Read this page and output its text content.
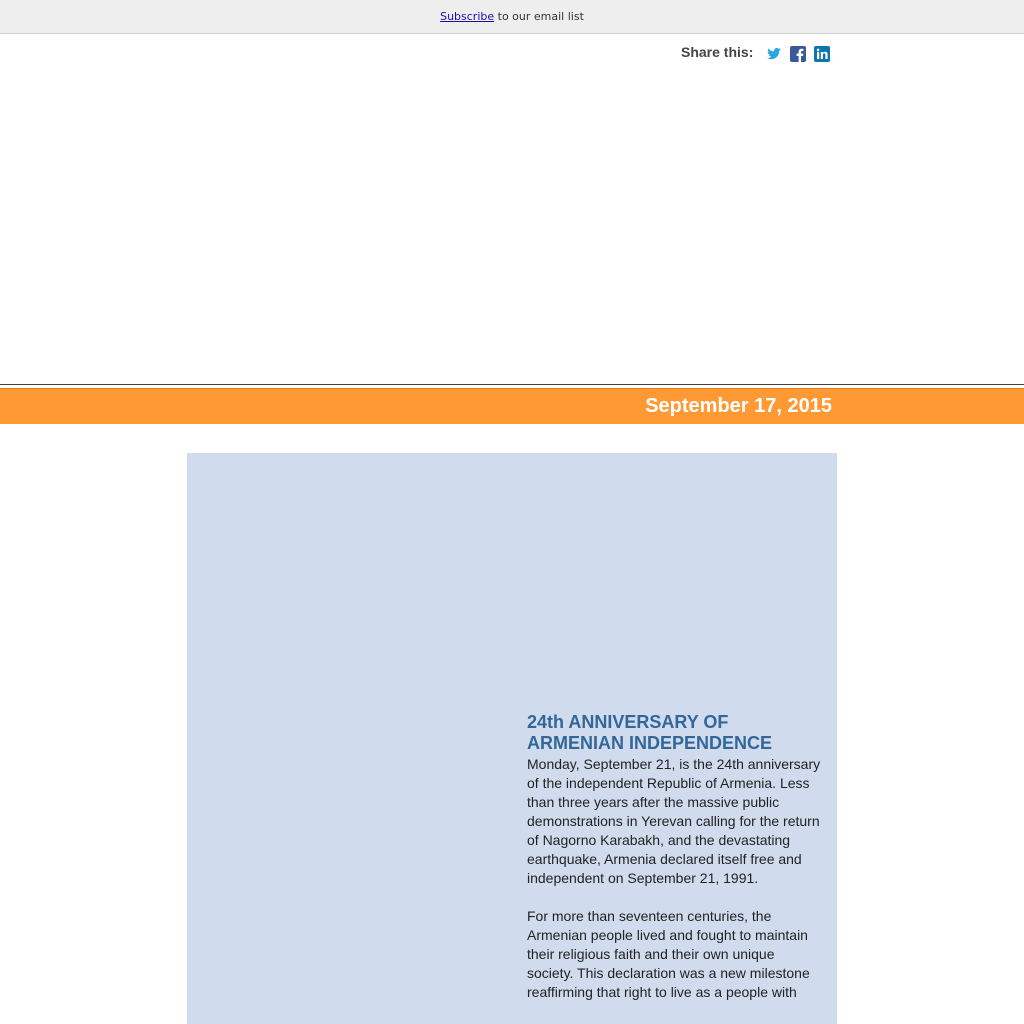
Subscribe to our email list
Share this:
September 17, 2015
24th ANNIVERSARY OF
ARMENIAN INDEPENDENCE

Monday, September 21, is the 24th anniversary of the independent Republic of Armenia. Less than three years after the massive public demonstrations in Yerevan calling for the return of Nagorno Karabakh, and the devastating earthquake, Armenia declared itself free and independent on September 21, 1991.

For more than seventeen centuries, the Armenian people lived and fought to maintain their religious faith and their own unique society. This declaration was a new milestone reaffirming that right to live as a people with
